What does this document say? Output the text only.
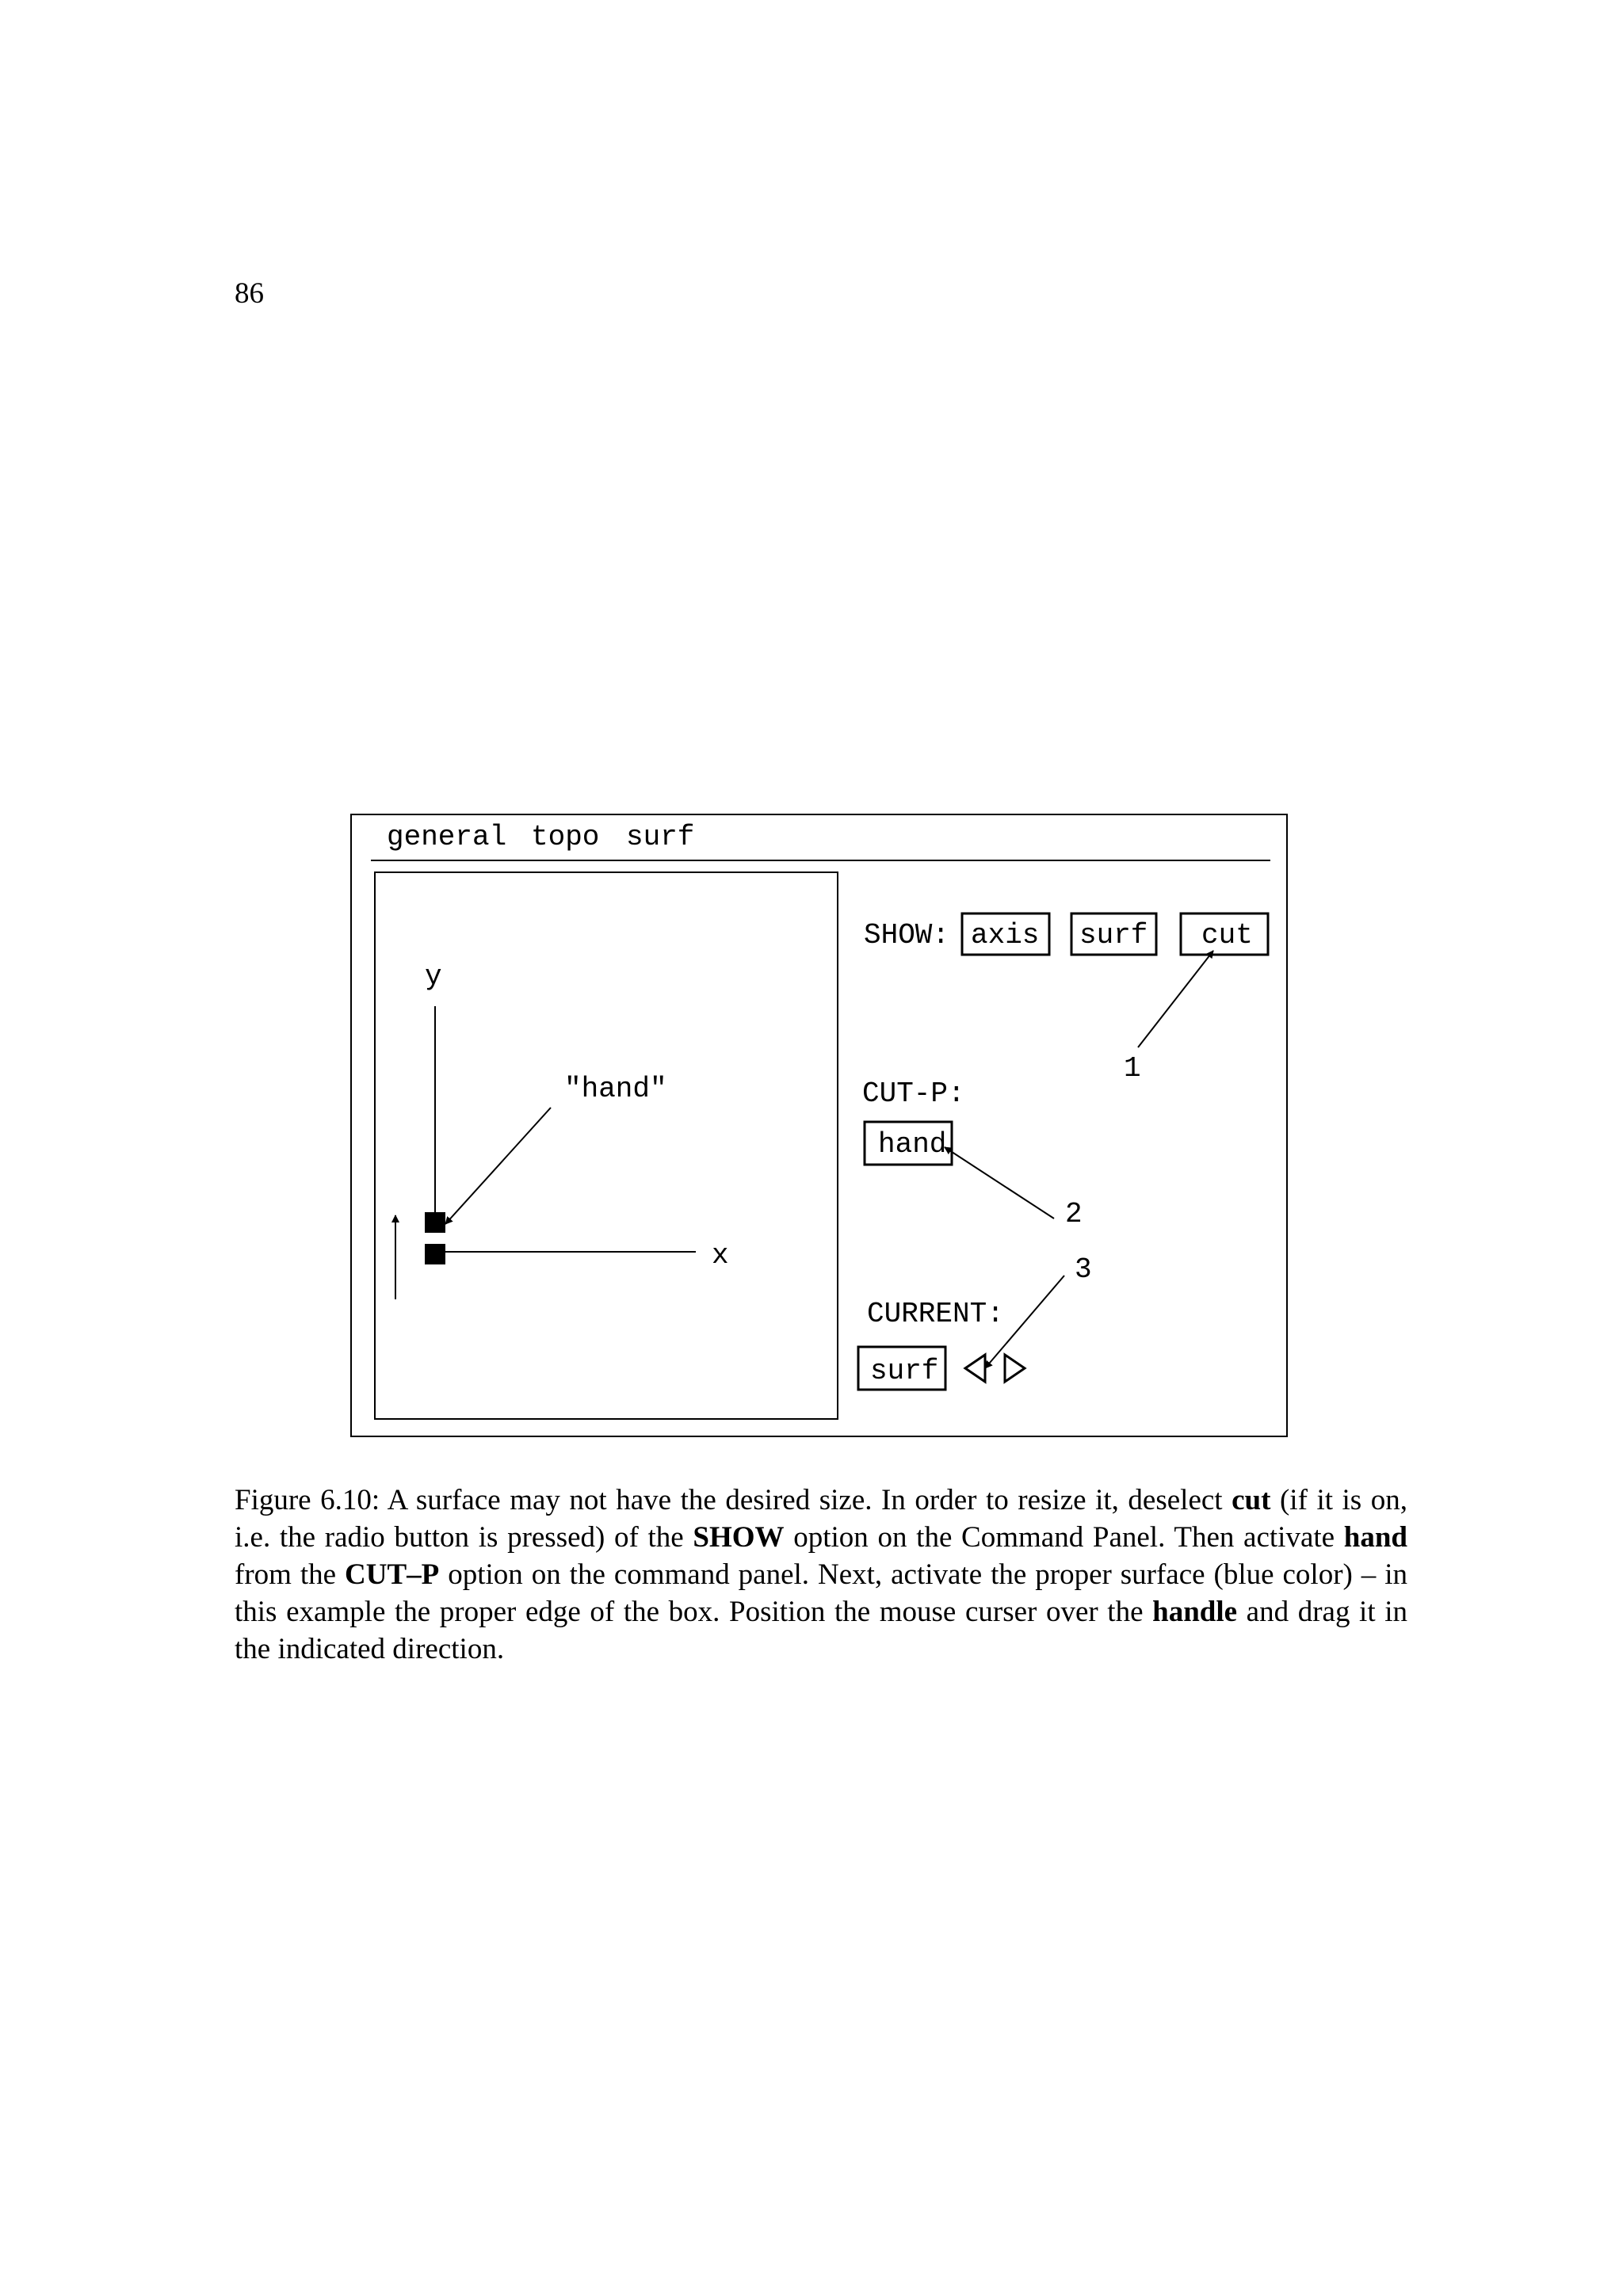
86
general topo surf
y
x
"hand"
SHOW: axis surf cut
1
CUT-P:
hand
2
CURRENT:
surf
3
Figure 6.10: A surface may not have the desired size. In order to resize it, deselect cut (if it is on, i.e. the radio button is pressed) of the SHOW option on the Command Panel. Then activate hand from the CUT–P option on the command panel. Next, activate the proper surface (blue color) – in this example the proper edge of the box. Position the mouse curser over the handle and drag it in the indicated direction.
